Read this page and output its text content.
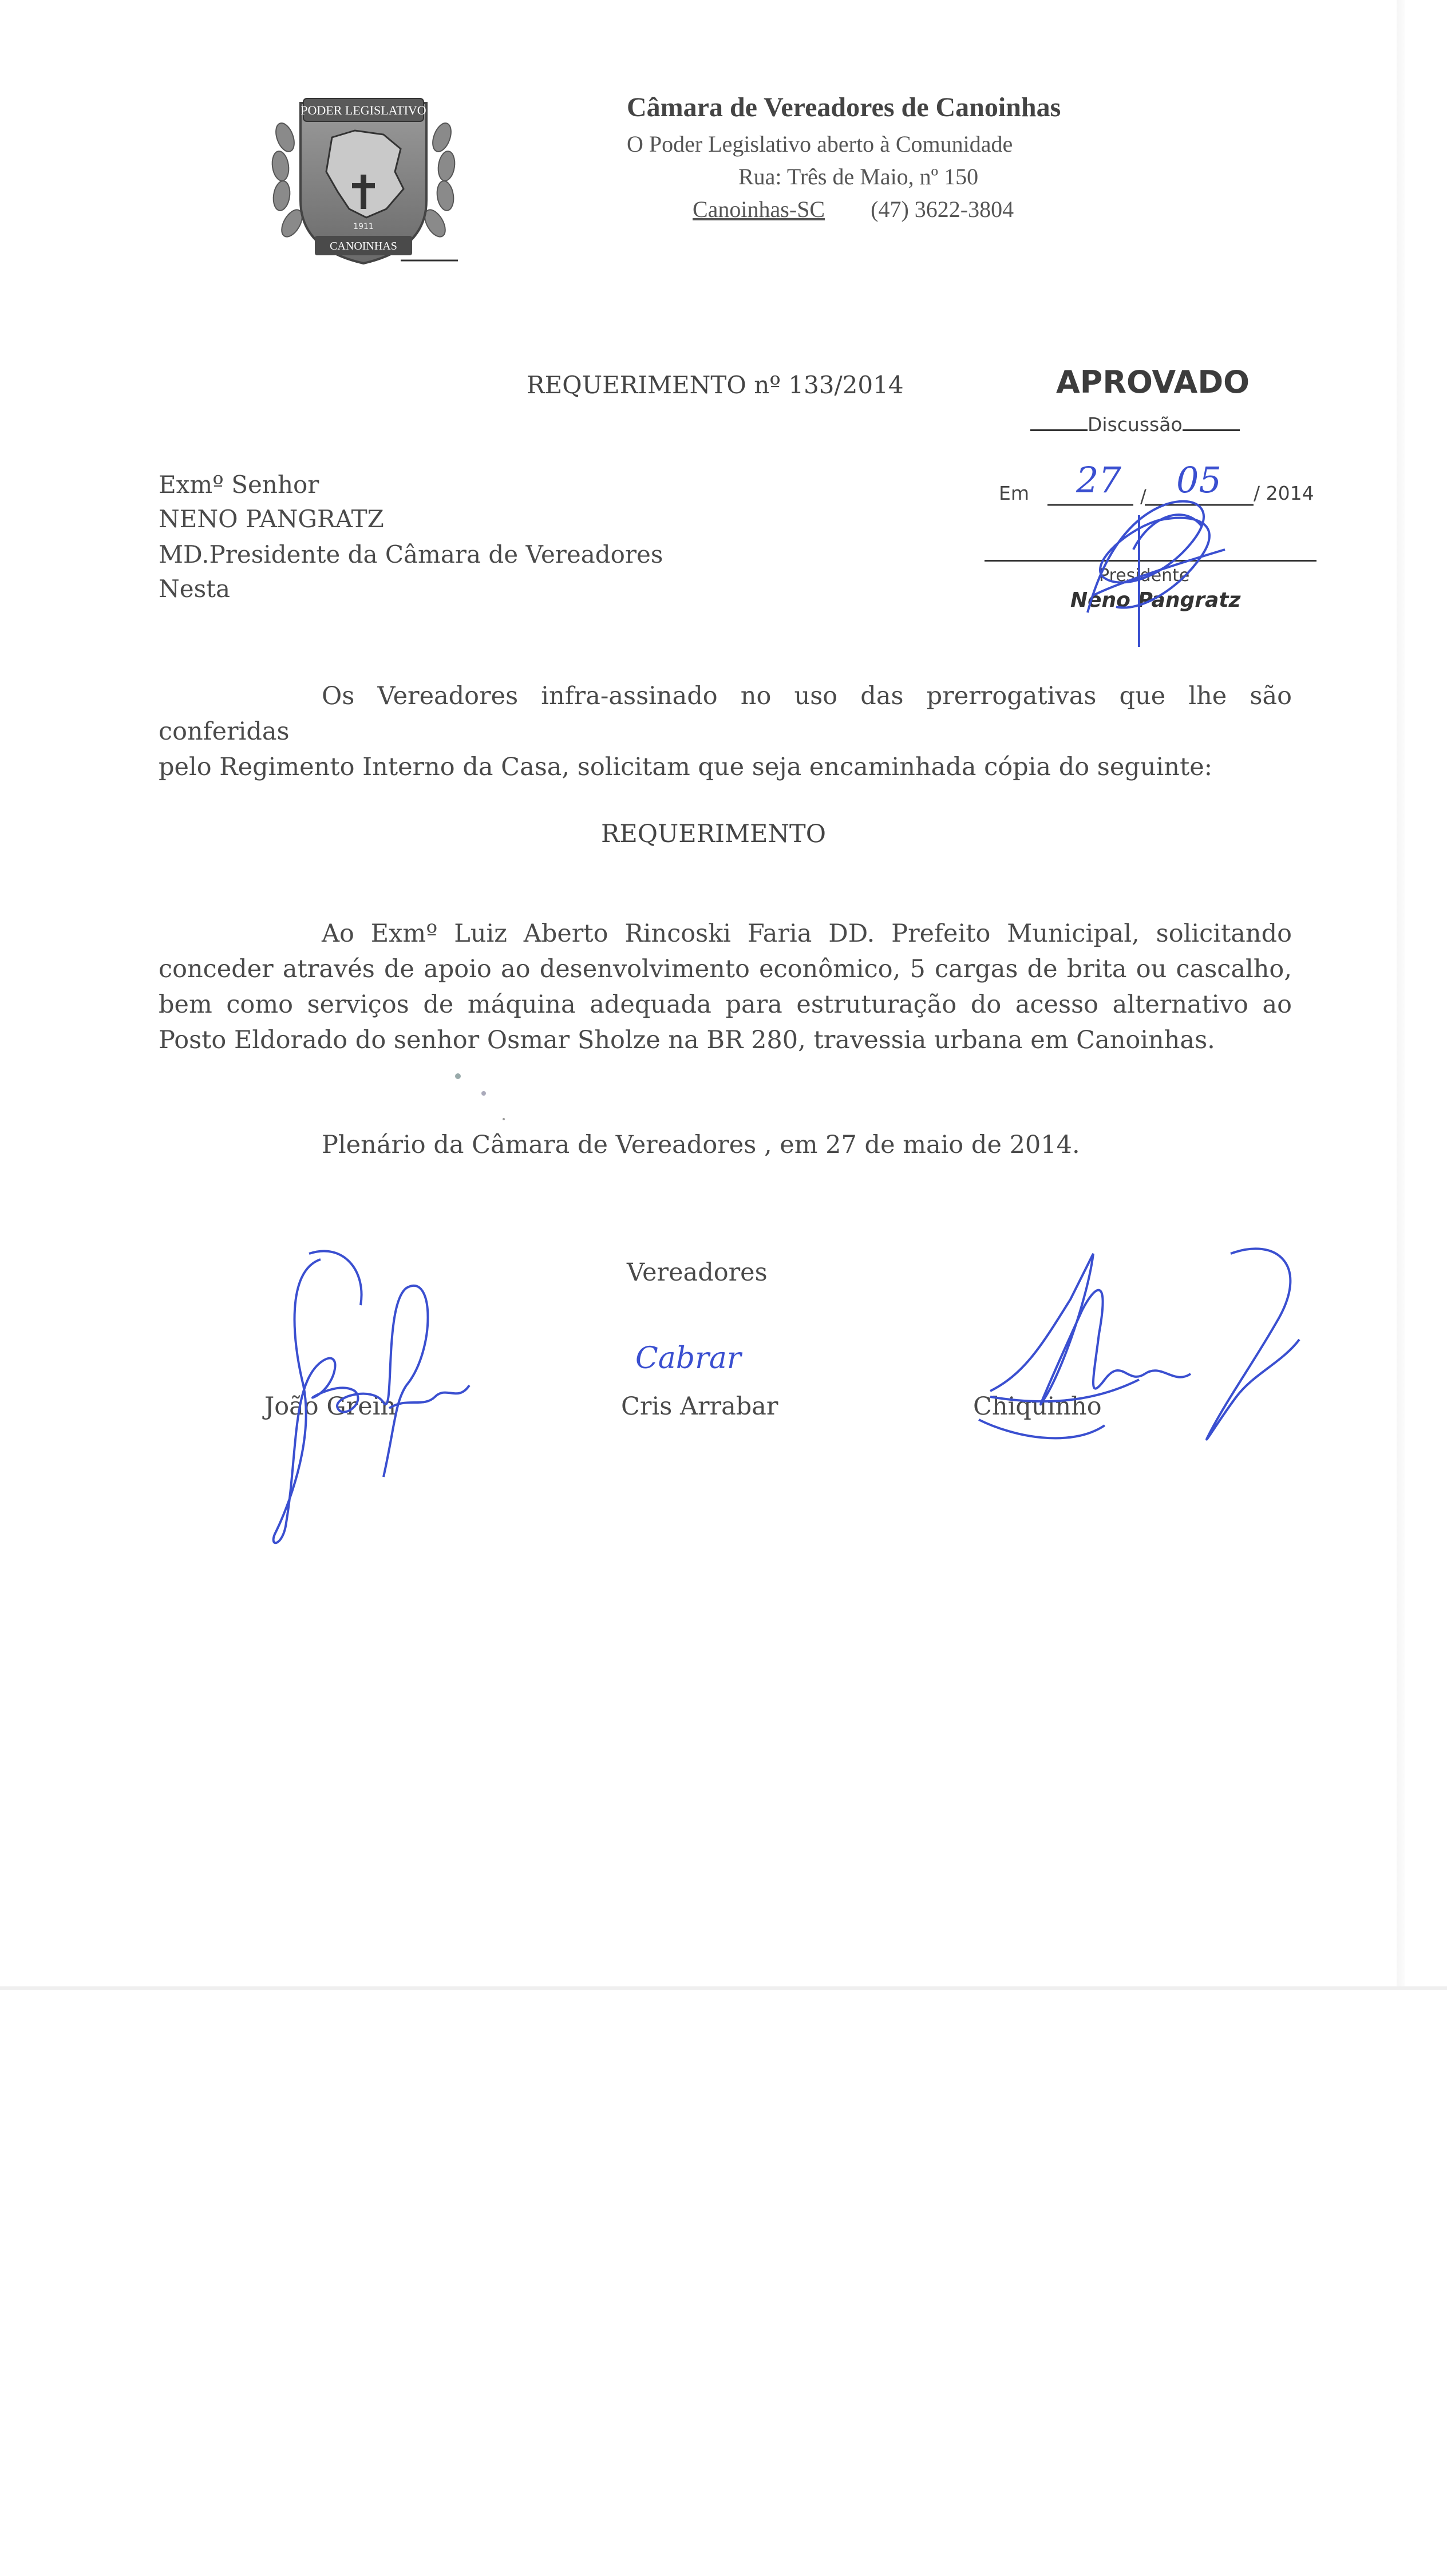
PODER LEGISLATIVO
1911
CANOINHAS
Câmara de Vereadores de Canoinhas
O Poder Legislativo aberto à Comunidade
Rua: Três de Maio, nº 150
Canoinhas-SC (47) 3622-3804
REQUERIMENTO nº 133/2014	APROVADO
Discussão
Em	/
27 05 / 2014
Presidente
Neno Pangratz
Exmº Senhor
NENO PANGRATZ
MD.Presidente da Câmara de Vereadores
Nesta
Os Vereadores infra-assinado no uso das prerrogativas que lhe são conferidas
pelo Regimento Interno da Casa, solicitam que seja encaminhada cópia do seguinte:
REQUERIMENTO
Ao Exmº Luiz Aberto Rincoski Faria DD. Prefeito Municipal, solicitando conceder através de apoio ao desenvolvimento econômico, 5 cargas de brita ou cascalho, bem como serviços de máquina adequada para estruturação do acesso alternativo ao Posto Eldorado do senhor Osmar Sholze na BR 280, travessia urbana em Canoinhas.
Plenário da Câmara de Vereadores , em 27 de maio de 2014.
Vereadores
João Grein	Cris Arrabar	Chiquinho
Cabrar
